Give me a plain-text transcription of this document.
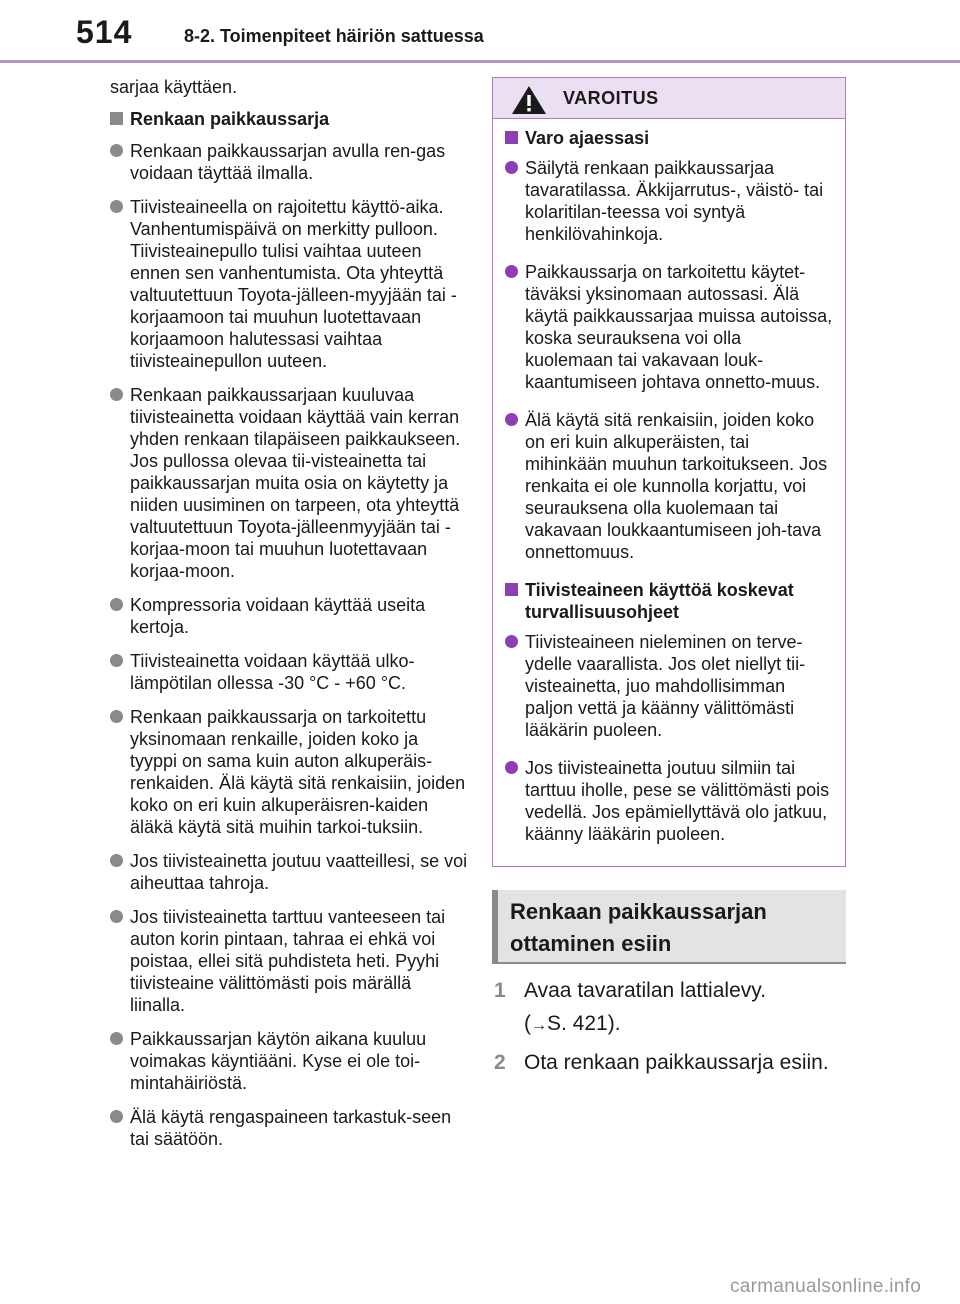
514	8-2. Toimenpiteet häiriön sattuessa

sarjaa käyttäen.

Renkaan paikkaussarja
Renkaan paikkaussarjan avulla ren-gas voidaan täyttää ilmalla.
Tiivisteaineella on rajoitettu käyttö-aika. Vanhentumispäivä on merkitty pulloon. Tiivisteainepullo tulisi vaihtaa uuteen ennen sen vanhentumista. Ota yhteyttä valtuutettuun Toyota-jälleen-myyjään tai -korjaamoon tai muuhun luotettavaan korjaamoon halutessasi vaihtaa tiivisteainepullon uuteen.
Renkaan paikkaussarjaan kuuluvaa tiivisteainetta voidaan käyttää vain kerran yhden renkaan tilapäiseen paikkaukseen. Jos pullossa olevaa tii-visteainetta tai paikkaussarjan muita osia on käytetty ja niiden uusiminen on tarpeen, ota yhteyttä valtuutettuun Toyota-jälleenmyyjään tai -korjaa-moon tai muuhun luotettavaan korjaa-moon.
Kompressoria voidaan käyttää useita kertoja.
Tiivisteainetta voidaan käyttää ulko-lämpötilan ollessa -30 °C - +60 °C.
Renkaan paikkaussarja on tarkoitettu yksinomaan renkaille, joiden koko ja tyyppi on sama kuin auton alkuperäis-renkaiden. Älä käytä sitä renkaisiin, joiden koko on eri kuin alkuperäisren-kaiden äläkä käytä sitä muihin tarkoi-tuksiin.
Jos tiivisteainetta joutuu vaatteillesi, se voi aiheuttaa tahroja.
Jos tiivisteainetta tarttuu vanteeseen tai auton korin pintaan, tahraa ei ehkä voi poistaa, ellei sitä puhdisteta heti. Pyyhi tiivisteaine välittömästi pois märällä liinalla.
Paikkaussarjan käytön aikana kuuluu voimakas käyntiääni. Kyse ei ole toi-mintahäiriöstä.
Älä käytä rengaspaineen tarkastuk-seen tai säätöön.
VAROITUS
Varo ajaessasi
Säilytä renkaan paikkaussarjaa tavaratilassa. Äkkijarrutus-, väistö- tai kolaritilan-teessa voi syntyä henkilövahinkoja.
Paikkaussarja on tarkoitettu käytet-täväksi yksinomaan autossasi. Älä käytä paikkaussarjaa muissa autoissa, koska seurauksena voi olla kuolemaan tai vakavaan louk-kaantumiseen johtava onnetto-muus.
Älä käytä sitä renkaisiin, joiden koko on eri kuin alkuperäisten, tai mihinkään muuhun tarkoitukseen. Jos renkaita ei ole kunnolla korjattu, voi seurauksena olla kuolemaan tai vakavaan loukkaantumiseen joh-tava onnettomuus.
Tiivisteaineen käyttöä koskevat turvallisuusohjeet
Tiivisteaineen nieleminen on terve-ydelle vaarallista. Jos olet niellyt tii-visteainetta, juo mahdollisimman paljon vettä ja käänny välittömästi lääkärin puoleen.
Jos tiivisteainetta joutuu silmiin tai tarttuu iholle, pese se välittömästi pois vedellä. Jos epämiellyttävä olo jatkuu, käänny lääkärin puoleen.
Renkaan paikkaussarjan ottaminen esiin
1 Avaa tavaratilan lattialevy.
(→S. 421).
2 Ota renkaan paikkaussarja esiin.
carmanualsonline.info
